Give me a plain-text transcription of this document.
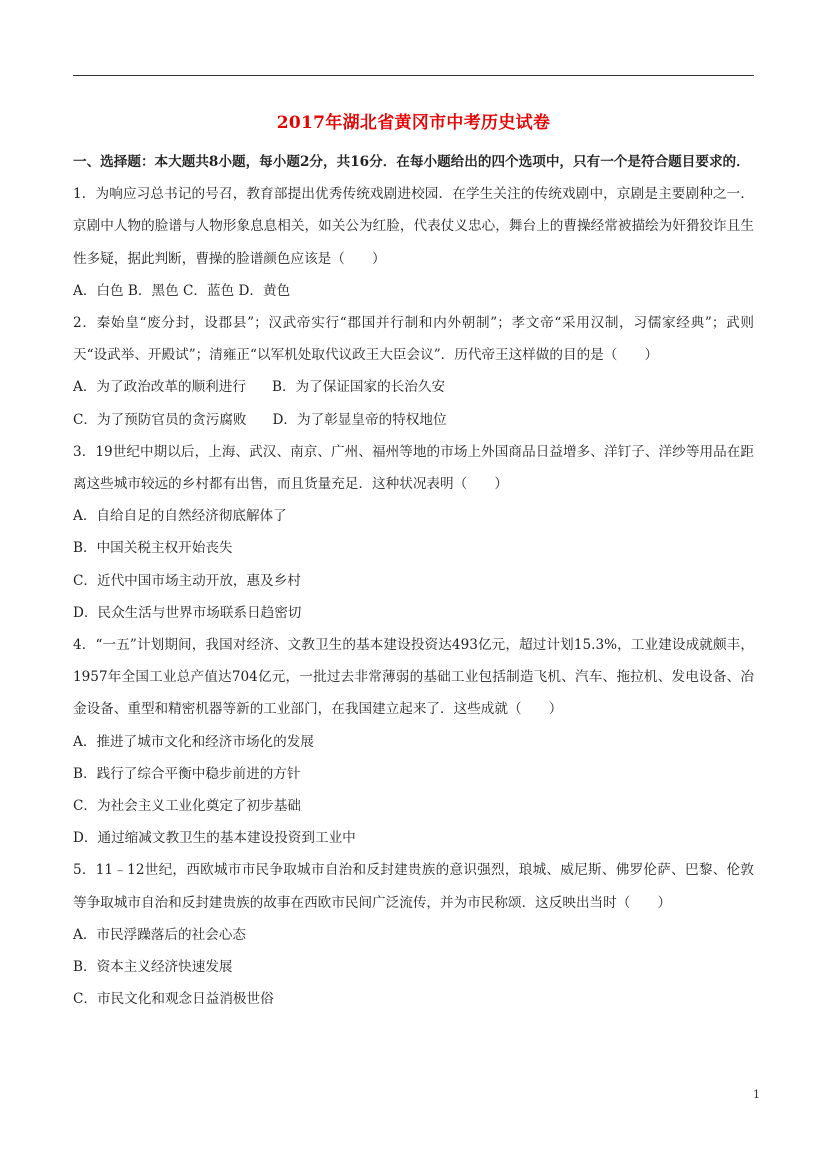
2017年湖北省黄冈市中考历史试卷

一、选择题：本大题共8小题，每小题2分，共16分．在每小题给出的四个选项中，只有一个是符合题目要求的．

1．为响应习总书记的号召，教育部提出优秀传统戏剧进校园．在学生关注的传统戏剧中，京剧是主要剧种之一．京剧中人物的脸谱与人物形象息息相关，如关公为红脸，代表仗义忠心，舞台上的曹操经常被描绘为奸猾狡诈且生性多疑，据此判断，曹操的脸谱颜色应该是（　　）

A．白色 B．黑色 C．蓝色 D．黄色

2．秦始皇“废分封，设郡县”；汉武帝实行“郡国并行制和内外朝制”；孝文帝“采用汉制，习儒家经典”；武则天“设武举、开殿试”；清雍正“以军机处取代议政王大臣会议”．历代帝王这样做的目的是（　　）

A．为了政治改革的顺利进行 B．为了保证国家的长治久安

C．为了预防官员的贪污腐败 D．为了彰显皇帝的特权地位

3．19世纪中期以后，上海、武汉、南京、广州、福州等地的市场上外国商品日益增多、洋钉子、洋纱等用品在距离这些城市较远的乡村都有出售，而且货量充足．这种状况表明（　　）

A．自给自足的自然经济彻底解体了

B．中国关税主权开始丧失

C．近代中国市场主动开放，惠及乡村

D．民众生活与世界市场联系日趋密切

4．“一五”计划期间，我国对经济、文教卫生的基本建设投资达493亿元，超过计划15.3%，工业建设成就颇丰，1957年全国工业总产值达704亿元，一批过去非常薄弱的基础工业包括制造飞机、汽车、拖拉机、发电设备、冶金设备、重型和精密机器等新的工业部门，在我国建立起来了．这些成就（　　）

A．推进了城市文化和经济市场化的发展

B．践行了综合平衡中稳步前进的方针

C．为社会主义工业化奠定了初步基础

D．通过缩减文教卫生的基本建设投资到工业中

5．11﹣12世纪，西欧城市市民争取城市自治和反封建贵族的意识强烈，琅城、威尼斯、佛罗伦萨、巴黎、伦敦等争取城市自治和反封建贵族的故事在西欧市民间广泛流传，并为市民称颂．这反映出当时（　　）

A．市民浮躁落后的社会心态

B．资本主义经济快速发展

C．市民文化和观念日益消极世俗

1
